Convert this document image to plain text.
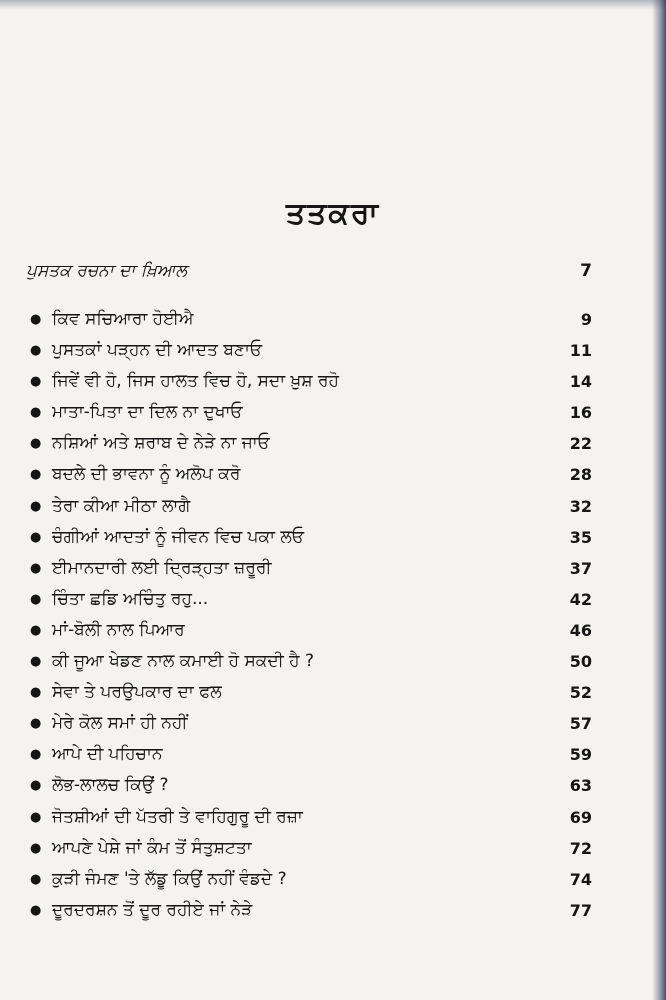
ਤਤਕਰਾ
ਪੁਸਤਕ ਰਚਨਾ ਦਾ ਖ਼ਿਆਲ	7
● ਕਿਵ ਸਚਿਆਰਾ ਹੋਈਐ	9
● ਪੁਸਤਕਾਂ ਪੜ੍ਹਨ ਦੀ ਆਦਤ ਬਣਾਓ	11
● ਜਿਵੇਂ ਵੀ ਹੋ, ਜਿਸ ਹਾਲਤ ਵਿਚ ਹੋ, ਸਦਾ ਖ਼ੁਸ਼ ਰਹੋ	14
● ਮਾਤਾ-ਪਿਤਾ ਦਾ ਦਿਲ ਨਾ ਦੁਖਾਓ	16
● ਨਸ਼ਿਆਂ ਅਤੇ ਸ਼ਰਾਬ ਦੇ ਨੇੜੇ ਨਾ ਜਾਓ	22
● ਬਦਲੇ ਦੀ ਭਾਵਨਾ ਨੂੰ ਅਲੋਪ ਕਰੋ	28
● ਤੇਰਾ ਕੀਆ ਮੀਠਾ ਲਾਗੈ	32
● ਚੰਗੀਆਂ ਆਦਤਾਂ ਨੂੰ ਜੀਵਨ ਵਿਚ ਪਕਾ ਲਓ	35
● ਈਮਾਨਦਾਰੀ ਲਈ ਦ੍ਰਿੜ੍ਹਤਾ ਜ਼ਰੂਰੀ	37
● ਚਿੰਤਾ ਛਡਿ ਅਚਿੰਤੁ ਰਹੁ...	42
● ਮਾਂ-ਬੋਲੀ ਨਾਲ ਪਿਆਰ	46
● ਕੀ ਜੂਆ ਖੇਡਣ ਨਾਲ ਕਮਾਈ ਹੋ ਸਕਦੀ ਹੈ ?	50
● ਸੇਵਾ ਤੇ ਪਰਉਪਕਾਰ ਦਾ ਫਲ	52
● ਮੇਰੇ ਕੋਲ ਸਮਾਂ ਹੀ ਨਹੀਂ	57
● ਆਪੇ ਦੀ ਪਹਿਚਾਨ	59
● ਲੋਭ-ਲਾਲਚ ਕਿਉਂ ?	63
● ਜੋਤਸ਼ੀਆਂ ਦੀ ਪੱਤਰੀ ਤੇ ਵਾਹਿਗੁਰੂ ਦੀ ਰਜ਼ਾ	69
● ਆਪਣੇ ਪੇਸ਼ੇ ਜਾਂ ਕੰਮ ਤੋਂ ਸੰਤੁਸ਼ਟਤਾ	72
● ਕੁੜੀ ਜੰਮਣ 'ਤੇ ਲੱਡੂ ਕਿਉਂ ਨਹੀਂ ਵੰਡਦੇ ?	74
● ਦੂਰਦਰਸ਼ਨ ਤੋਂ ਦੂਰ ਰਹੀਏ ਜਾਂ ਨੇੜੇ	77
